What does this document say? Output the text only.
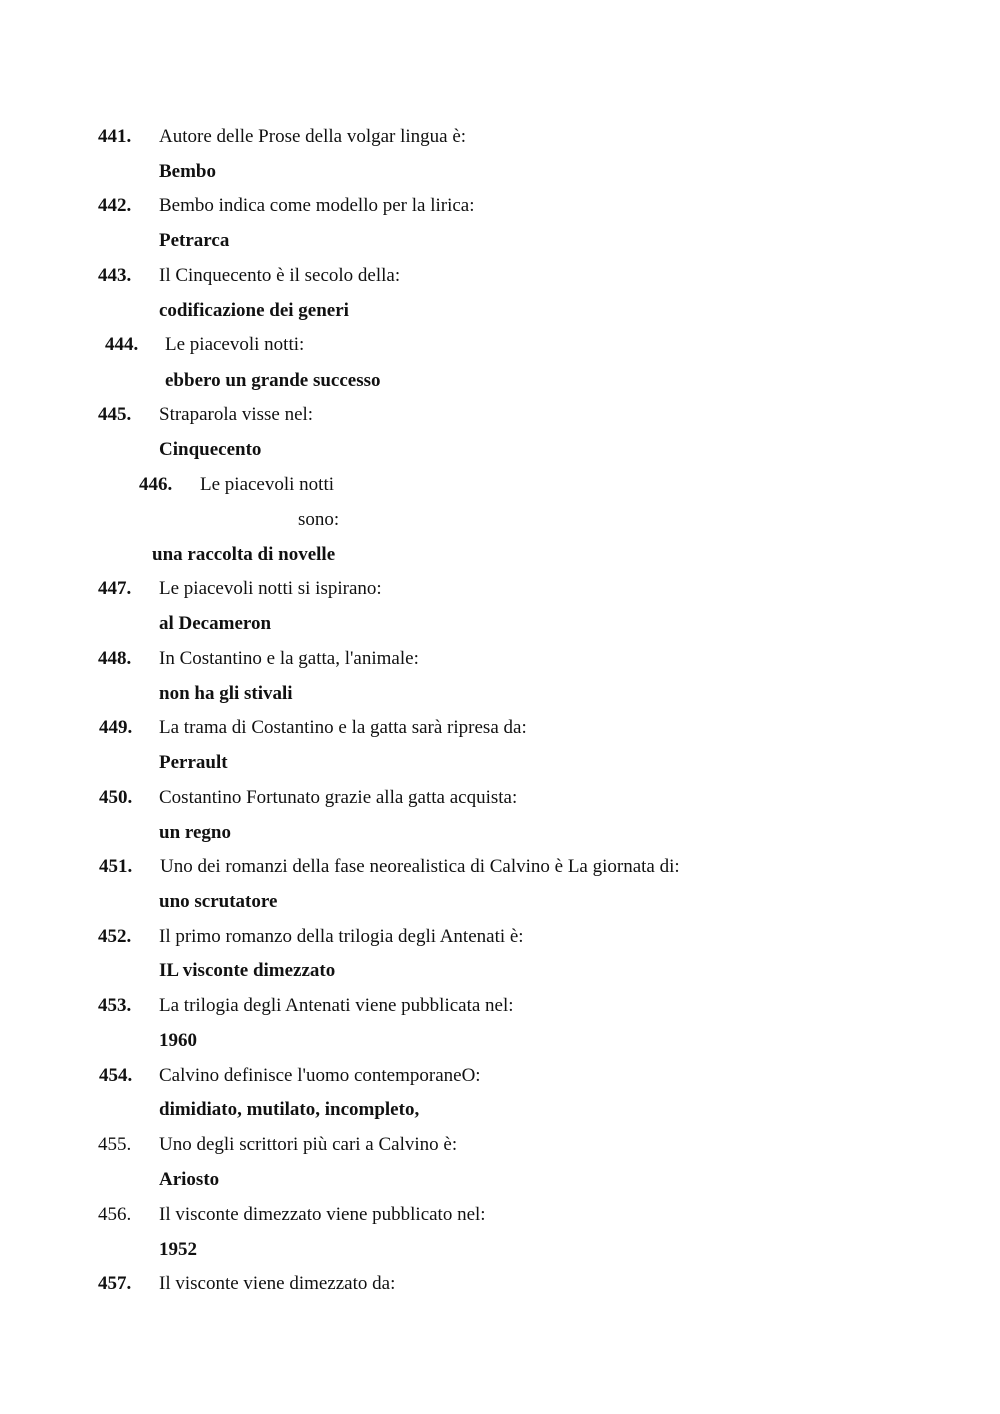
441. Autore delle Prose della volgar lingua è:
Bembo
442. Bembo indica come modello per la lirica:
Petrarca
443. Il Cinquecento è il secolo della:
codificazione dei generi
444. Le piacevoli notti:
ebbero un grande successo
445. Straparola visse nel:
Cinquecento
446. Le piacevoli notti
sono:
una raccolta di novelle
447. Le piacevoli notti si ispirano:
al Decameron
448. In Costantino e la gatta, l'animale:
non ha gli stivali
449. La trama di Costantino e la gatta sarà ripresa da:
Perrault
450. Costantino Fortunato grazie alla gatta acquista:
un regno
451. Uno dei romanzi della fase neorealistica di Calvino è La giornata di:
uno scrutatore
452. Il primo romanzo della trilogia degli Antenati è:
IL visconte dimezzato
453. La trilogia degli Antenati viene pubblicata nel:
1960
454. Calvino definisce l'uomo contemporaneO:
dimidiato, mutilato, incompleto,
455. Uno degli scrittori più cari a Calvino è:
Ariosto
456. Il visconte dimezzato viene pubblicato nel:
1952
457. Il visconte viene dimezzato da:
